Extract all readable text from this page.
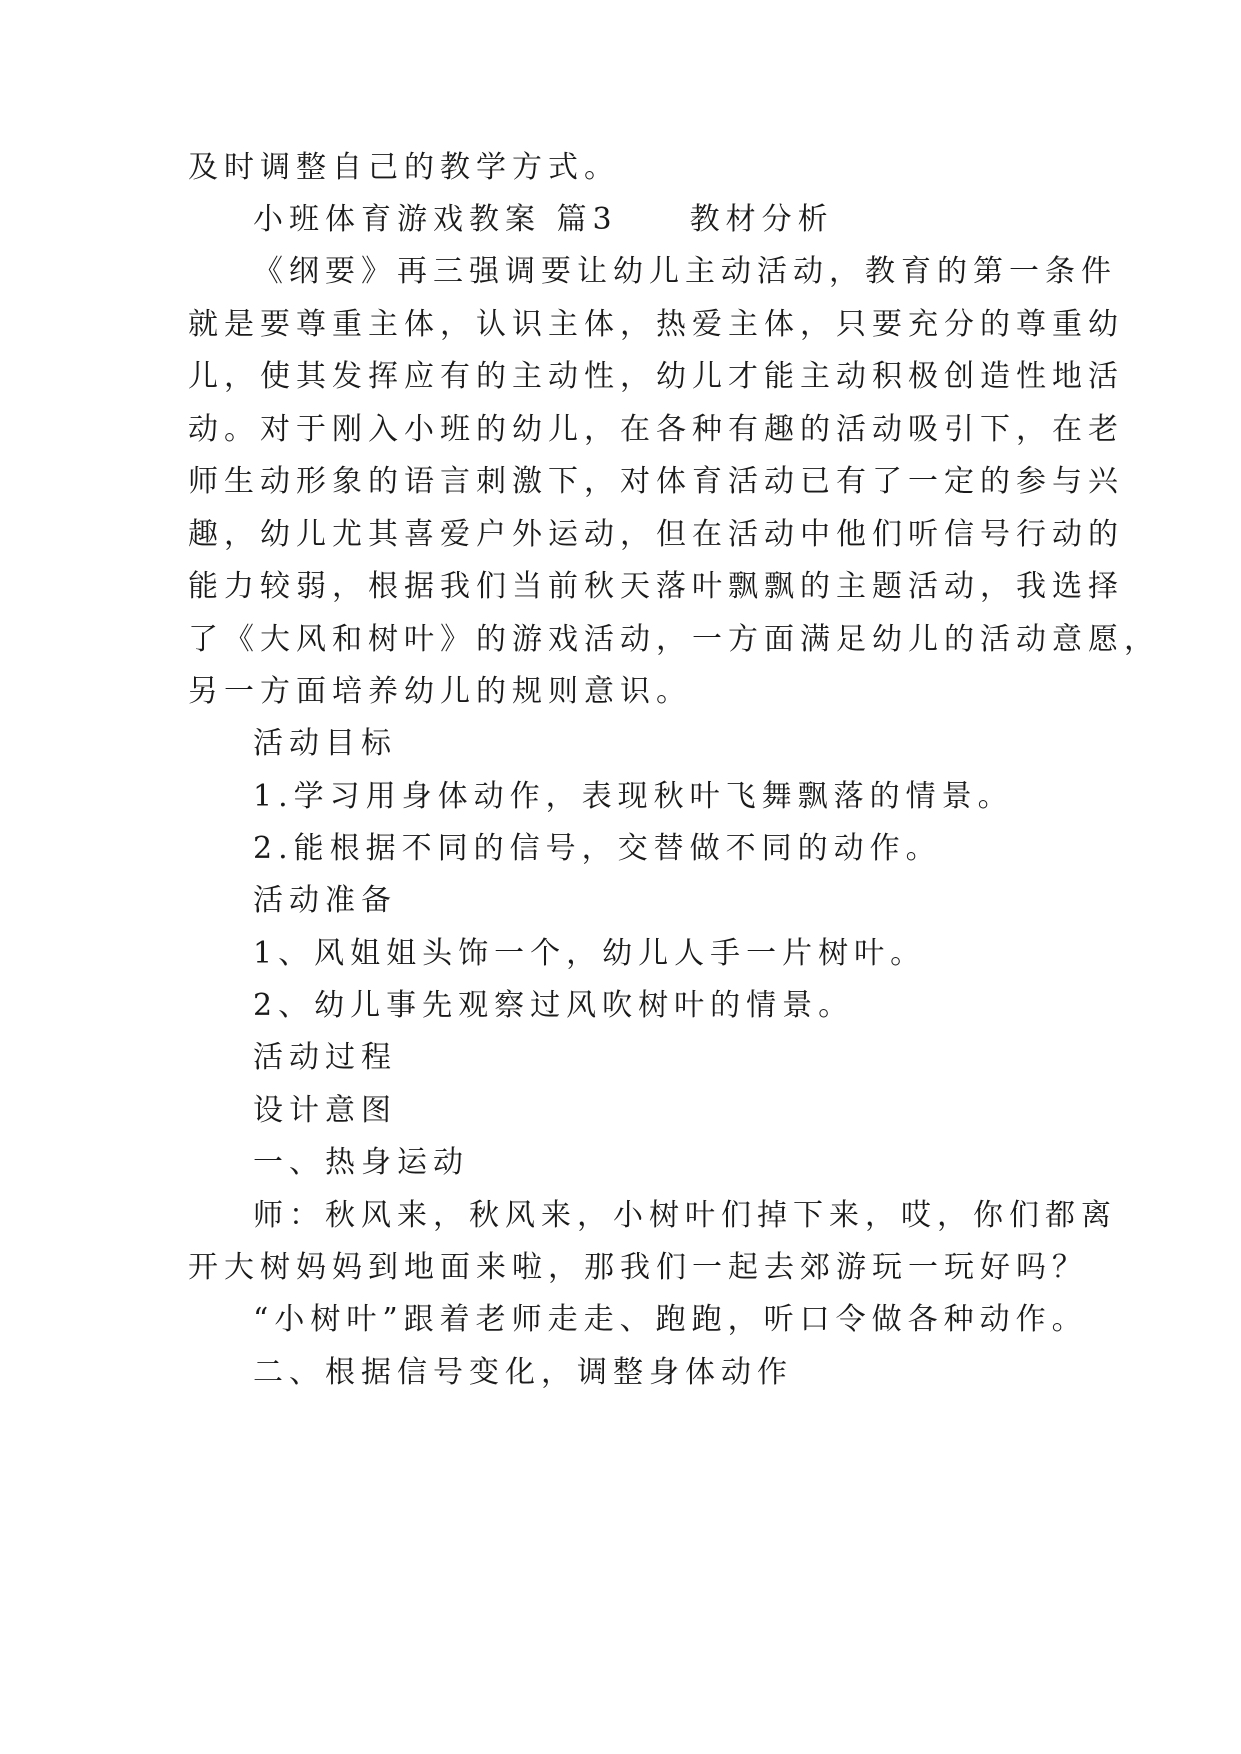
及时调整自己的教学方式。

小班体育游戏教案 篇3　　教材分析

《纲要》再三强调要让幼儿主动活动，教育的第一条件

就是要尊重主体，认识主体，热爱主体，只要充分的尊重幼

儿，使其发挥应有的主动性，幼儿才能主动积极创造性地活

动。对于刚入小班的幼儿，在各种有趣的活动吸引下，在老

师生动形象的语言刺激下，对体育活动已有了一定的参与兴

趣，幼儿尤其喜爱户外运动，但在活动中他们听信号行动的

能力较弱，根据我们当前秋天落叶飘飘的主题活动，我选择

了《大风和树叶》的游戏活动，一方面满足幼儿的活动意愿，

另一方面培养幼儿的规则意识。

活动目标

1.学习用身体动作，表现秋叶飞舞飘落的情景。

2.能根据不同的信号，交替做不同的动作。

活动准备

1、风姐姐头饰一个，幼儿人手一片树叶。

2、幼儿事先观察过风吹树叶的情景。

活动过程

设计意图

一、热身运动

师：秋风来，秋风来，小树叶们掉下来，哎，你们都离

开大树妈妈到地面来啦，那我们一起去郊游玩一玩好吗？

“小树叶”跟着老师走走、跑跑，听口令做各种动作。

二、根据信号变化，调整身体动作
